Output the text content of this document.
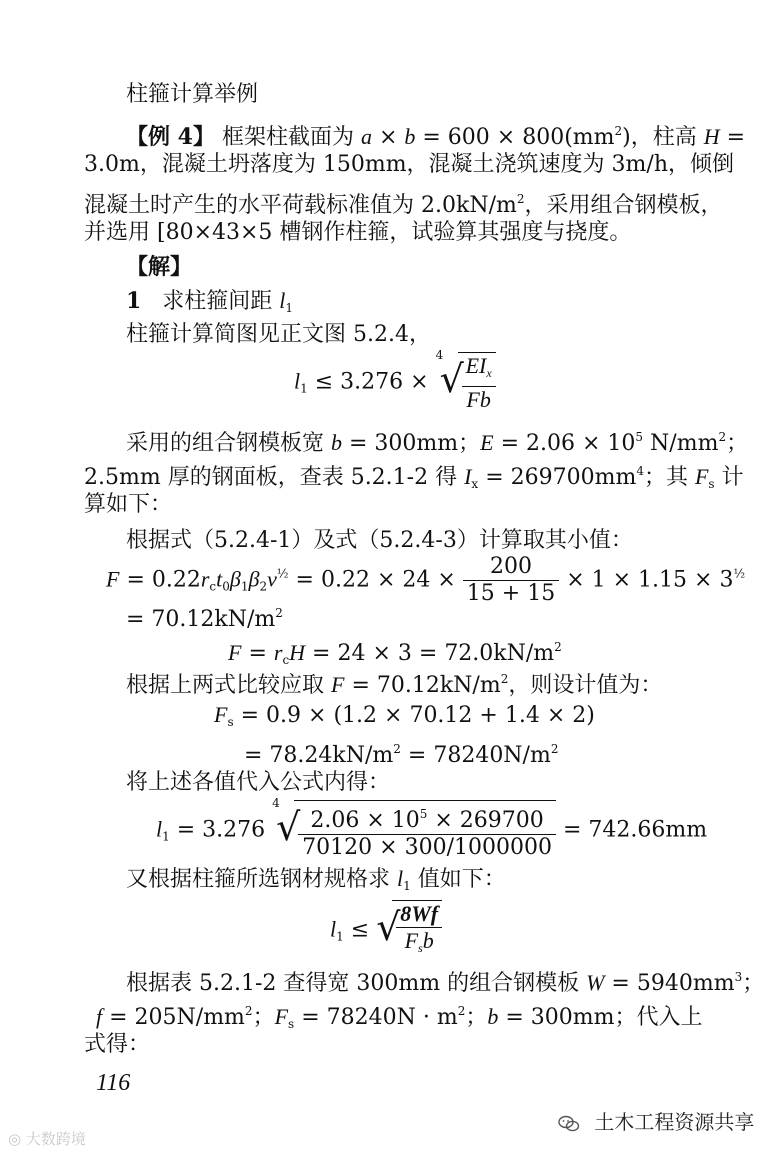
柱箍计算举例
【例 4】 框架柱截面为 $a \times b = 600 \times 800(mm^2)$，柱高 H =
3.0m，混凝土坍落度为 150mm，混凝土浇筑速度为 3m/h，倾倒
混凝土时产生的水平荷载标准值为 $2.0kN/m^2$，采用组合钢模板，
并选用 [80×43×5 槽钢作柱箍，试验算其强度与挠度。
【解】
1   求柱箍间距 $l_1$
柱箍计算简图见正文图 5.2.4，
$l_1 \le 3.276$ ×
4
√
$\frac{EI_x}{Fb}$
采用的组合钢模板宽 b = 300mm；$E = 2.06 \times 10^5$ $N/mm^2$；
2.5mm 厚的钢面板，查表 5.2.1-2 得 $I_x = 269700mm^4$；其 $F_s$ 计
算如下：
根据式（5.2.4-1）及式（5.2.4-3）计算取其小值：
$F = 0.22r_ct_0\beta_1\beta_2v^{\frac{1}{2}} = 0.22 \times 24 \times \frac{200}{15 + 15} \times 1 \times 1.15 \times 3^{\frac{1}{2}}$
= $70.12kN/m^2$
$F = r_cH = 24 \times 3 = 72.0kN/m^2$
根据上两式比较应取 $F = 70.12kN/m^2$，则设计值为：
$F_s = 0.9 \times (1.2 \times 70.12 + 1.4 \times 2)$
= $78.24kN/m^2 = 78240N/m^2$
将上述各值代入公式内得：
$l_1 = 3.276$
4
√
$\frac{2.06 \times 10^5 \times 269700}{70120 \times 300/1000000} = 742.66mm$
又根据柱箍所选钢材规格求 $l_1$ 值如下：
$l_1$ ≤ √
$\frac{8Wf}{F_sb}$
根据表 5.2.1-2 查得宽 300mm 的组合钢模板 $W = 5940mm^3$；
$f = 205N/mm^2$；$F_s = 78240N \cdot m^2$；b = 300mm；代入上
式得：
116
◎ 大数跨境
土木工程资源共享
